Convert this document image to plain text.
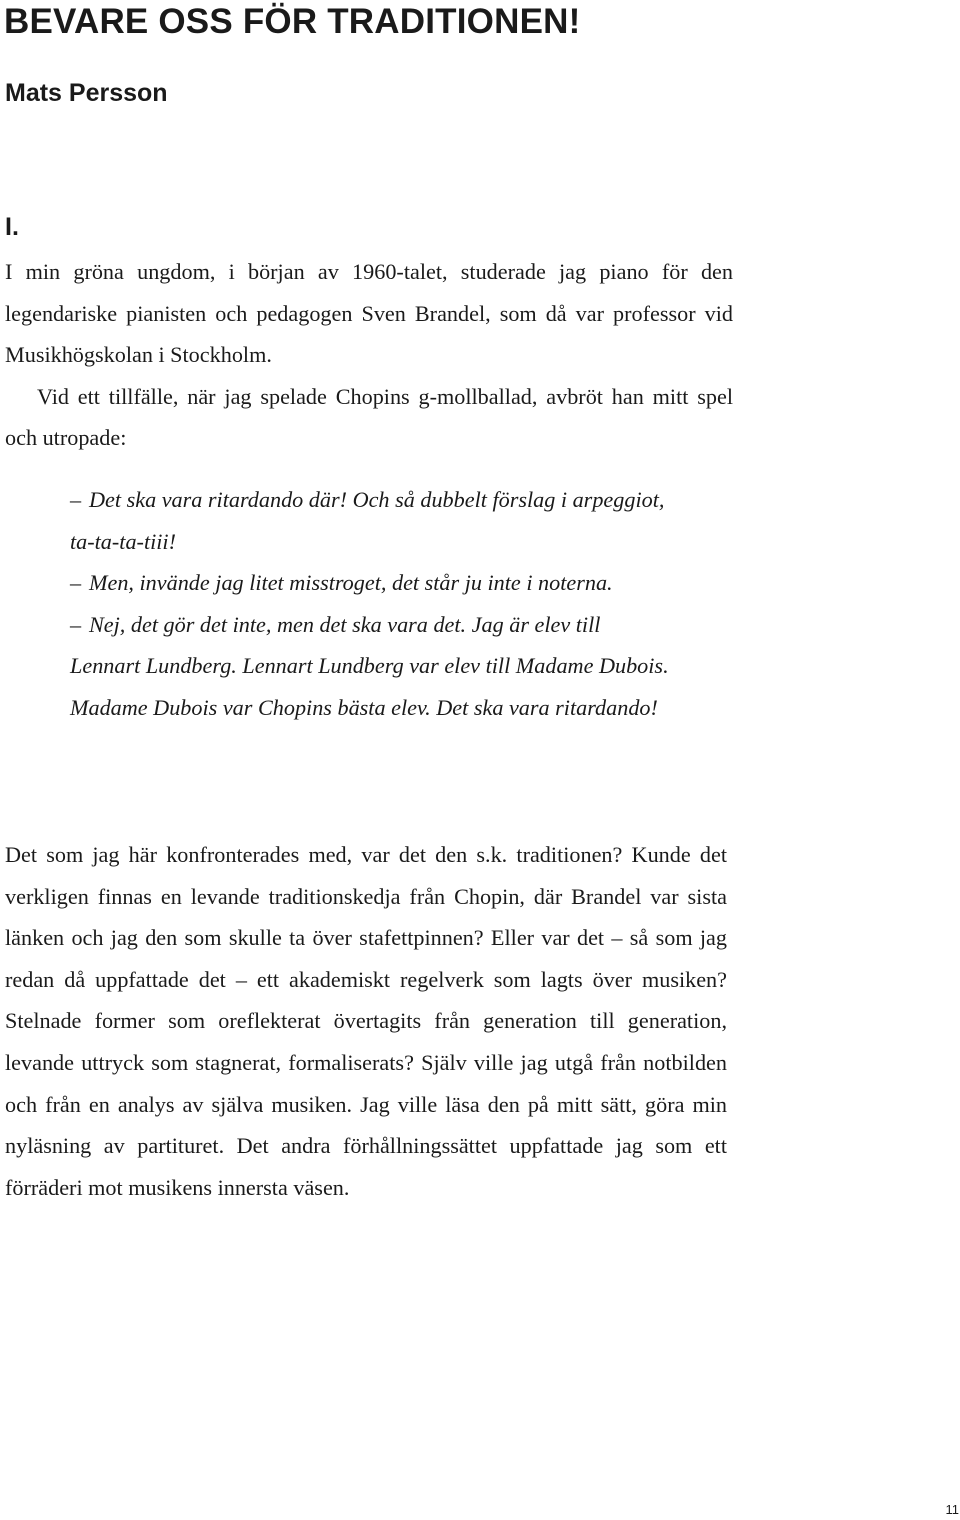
BEVARE OSS FÖR TRADITIONEN!
Mats Persson
I.

I min gröna ungdom, i början av 1960-talet, studerade jag piano för den legendariske pianisten och pedagogen Sven Brandel, som då var professor vid Musikhögskolan i Stockholm.
Vid ett tillfälle, när jag spelade Chopins g-mollballad, avbröt han mitt spel och utropade:

– Det ska vara ritardando där! Och så dubbelt förslag i arpeggiot, ta-ta-ta-tiii!
– Men, invände jag litet misstroget, det står ju inte i noterna.
– Nej, det gör det inte, men det ska vara det. Jag är elev till Lennart Lundberg. Lennart Lundberg var elev till Madame Dubois. Madame Dubois var Chopins bästa elev. Det ska vara ritardando!

Det som jag här konfronterades med, var det den s.k. traditionen? Kunde det verkligen finnas en levande traditionskedja från Chopin, där Brandel var sista länken och jag den som skulle ta över stafettpinnen? Eller var det – så som jag redan då uppfattade det – ett akademiskt regelverk som lagts över musiken? Stelnade former som oreflekterat övertagits från generation till generation, levande uttryck som stagnerat, formaliserats? Själv ville jag utgå från notbilden och från en analys av själva musiken. Jag ville läsa den på mitt sätt, göra min nyläsning av partituret. Det andra förhållningssättet uppfattade jag som ett förräderi mot musikens innersta väsen.

11
